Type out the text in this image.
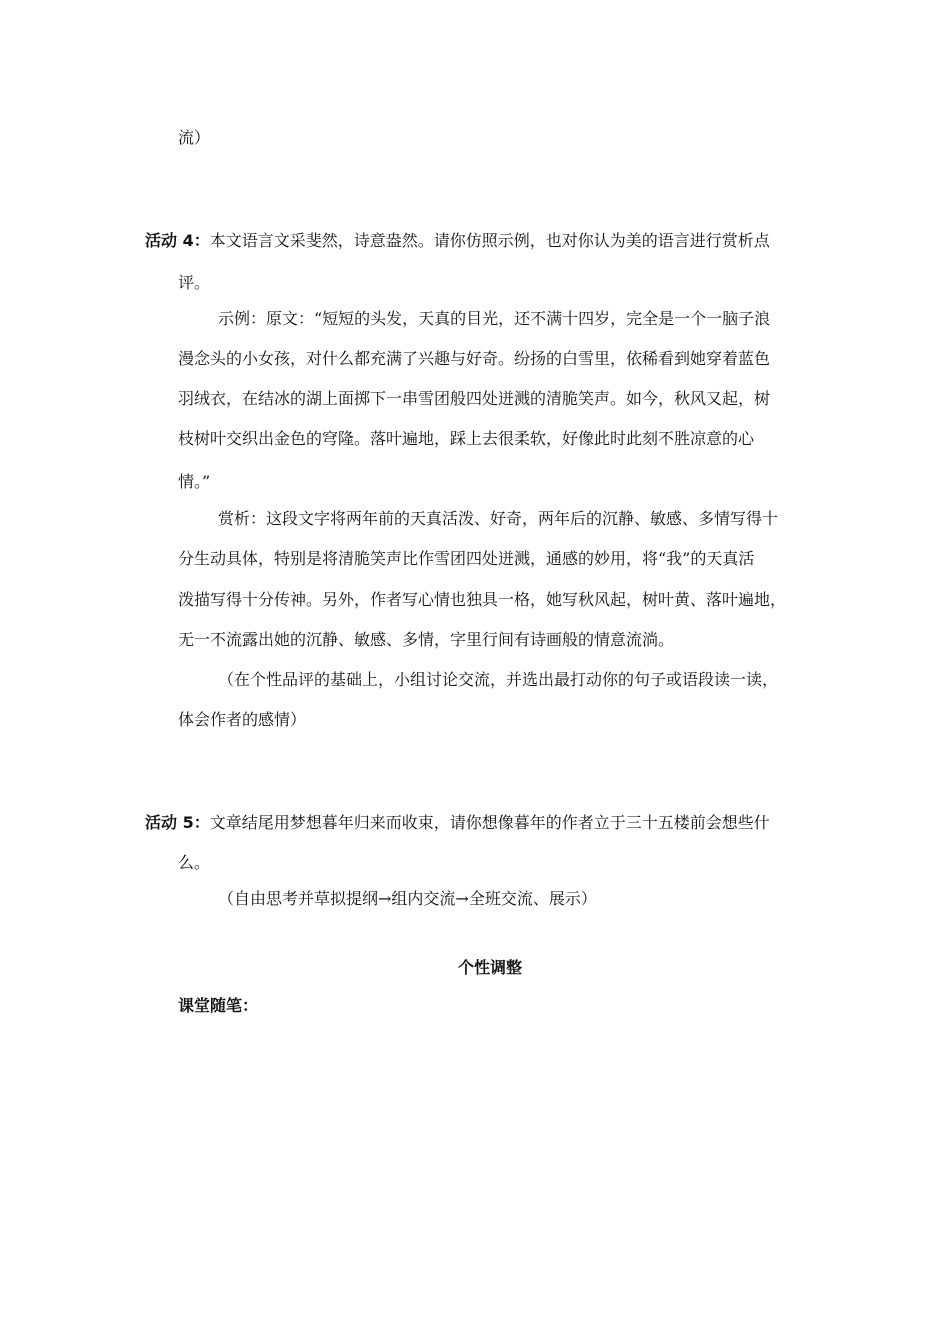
流）
活动 4：本文语言文采斐然，诗意盎然。请你仿照示例，也对你认为美的语言进行赏析点
评。
示例：原文：“短短的头发，天真的目光，还不满十四岁，完全是一个一脑子浪
漫念头的小女孩，对什么都充满了兴趣与好奇。纷扬的白雪里，依稀看到她穿着蓝色
羽绒衣，在结冰的湖上面掷下一串雪团般四处迸溅的清脆笑声。如今，秋风又起，树
枝树叶交织出金色的穹隆。落叶遍地，踩上去很柔软，好像此时此刻不胜凉意的心
情。”
赏析：这段文字将两年前的天真活泼、好奇，两年后的沉静、敏感、多情写得十
分生动具体，特别是将清脆笑声比作雪团四处迸溅，通感的妙用，将“我”的天真活
泼描写得十分传神。另外，作者写心情也独具一格，她写秋风起，树叶黄、落叶遍地，
无一不流露出她的沉静、敏感、多情，字里行间有诗画般的情意流淌。
（在个性品评的基础上，小组讨论交流，并选出最打动你的句子或语段读一读，
体会作者的感情）
活动 5：文章结尾用梦想暮年归来而收束，请你想像暮年的作者立于三十五楼前会想些什
么。
（自由思考并草拟提纲→组内交流→全班交流、展示）
个性调整
课堂随笔：
